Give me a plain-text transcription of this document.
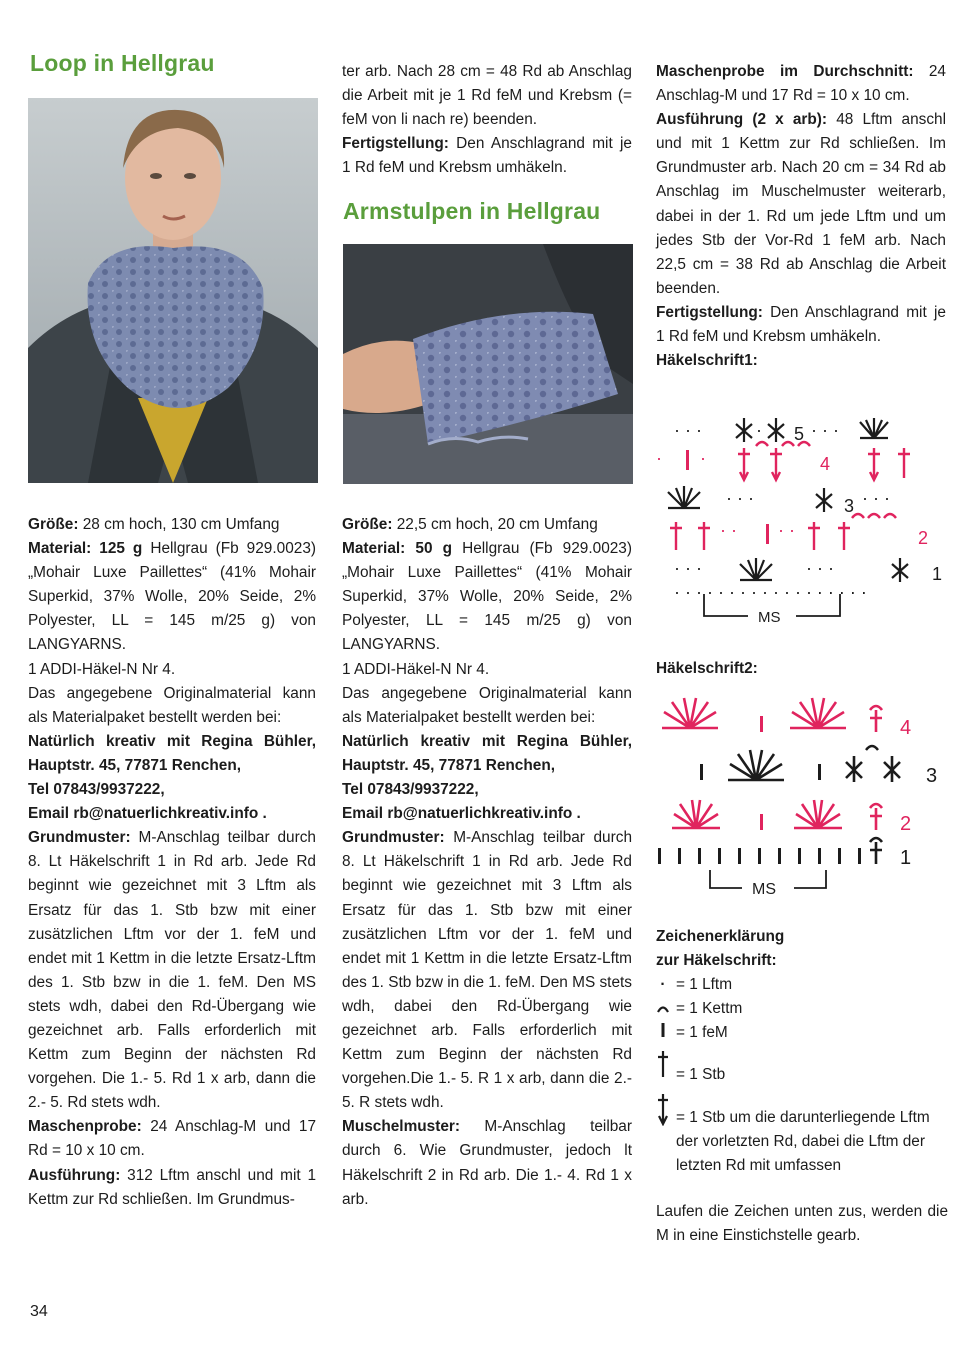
Loop in Hellgrau

Größe: 28 cm hoch, 130 cm Umfang

Material: 125 g Hellgrau (Fb 929.0023) „Mohair Luxe Paillettes“ (41% Mohair Superkid, 37% Wolle, 20% Seide, 2% Polyester, LL = 145 m/25 g) von LANGYARNS.

1 ADDI-Häkel-N Nr 4.

Das angegebene Originalmaterial kann als Materialpaket bestellt werden bei:

Natürlich kreativ mit Regina Bühler, Hauptstr. 45, 77871 Renchen,

Tel 07843/9937222,

Email rb@natuerlichkreativ.info .

Grundmuster: M-Anschlag teilbar durch 8. Lt Häkelschrift 1 in Rd arb. Jede Rd beginnt wie gezeichnet mit 3 Lftm als Ersatz für das 1. Stb bzw mit einer zusätzlichen Lftm vor der 1. feM und endet mit 1 Kettm in die letzte Ersatz-Lftm des 1. Stb bzw in die 1. feM. Den MS stets wdh, dabei den Rd-Übergang wie gezeichnet arb. Falls erforderlich mit Kettm zum Beginn der nächsten Rd vorgehen. Die 1.- 5. Rd 1 x arb, dann die 2.- 5. Rd stets wdh.

Maschenprobe: 24 Anschlag-M und 17 Rd = 10 x 10 cm.

Ausführung: 312 Lftm anschl und mit 1 Kettm zur Rd schließen. Im Grundmus-

ter arb. Nach 28 cm = 48 Rd ab Anschlag die Arbeit mit je 1 Rd feM und Krebsm (= feM von li nach re) beenden.

Fertigstellung: Den Anschlagrand mit je 1 Rd feM und Krebsm umhäkeln.

Armstulpen in Hellgrau

Größe: 22,5 cm hoch, 20 cm Umfang

Material: 50 g Hellgrau (Fb 929.0023) „Mohair Luxe Paillettes“ (41% Mohair Superkid, 37% Wolle, 20% Seide, 2% Polyester, LL = 145 m/25 g) von LANGYARNS.

1 ADDI-Häkel-N Nr 4.

Das angegebene Originalmaterial kann als Materialpaket bestellt werden bei:

Natürlich kreativ mit Regina Bühler, Hauptstr. 45, 77871 Renchen,

Tel 07843/9937222,

Email rb@natuerlichkreativ.info .

Grundmuster: M-Anschlag teilbar durch 8. Lt Häkelschrift 1 in Rd arb. Jede Rd beginnt wie gezeichnet mit 3 Lftm als Ersatz für das 1. Stb bzw mit einer zusätzlichen Lftm vor der 1. feM und endet mit 1 Kettm in die letzte Ersatz-Lftm des 1. Stb bzw in die 1. feM. Den MS stets wdh, dabei den Rd-Übergang wie gezeichnet arb. Falls erforderlich mit Kettm zum Beginn der nächsten Rd vorgehen.Die 1.- 5. R 1 x arb, dann die 2.- 5. R stets wdh.

Muschelmuster: M-Anschlag teilbar durch 6. Wie Grundmuster, jedoch lt Häkelschrift 2 in Rd arb. Die 1.- 4. Rd 1 x arb.

Maschenprobe im Durchschnitt: 24 Anschlag-M und 17 Rd = 10 x 10 cm.

Ausführung (2 x arb): 48 Lftm anschl und mit 1 Kettm zur Rd schließen. Im Grundmuster arb. Nach 20 cm = 34 Rd ab Anschlag im Muschelmuster weiterarb, dabei in der 1. Rd um jede Lftm und um jedes Stb der Vor-Rd 1 feM arb. Nach 22,5 cm = 38 Rd ab Anschlag die Arbeit beenden.

Fertigstellung: Den Anschlagrand mit je 1 Rd feM und Krebsm umhäkeln.

Häkelschrift1:

· · ·	· 5 · · ·
· ·	4
· · ·	3 · · ·
· · · ·	2
· · ·	· · ·	1
· · · · · · · · · · · · · · · · · ·
MS
Häkelschrift2:
4
3
2
1
MS
Zeichenerklärung
zur Häkelschrift:
· = 1 Lftm
= 1 Kettm
= 1 feM
= 1 Stb
= 1 Stb um die darunterliegende Lftm der vorletzten Rd, dabei die Lftm der letzten Rd mit umfassen
Laufen die Zeichen unten zus, werden die M in eine Einstichstelle gearb.
34
